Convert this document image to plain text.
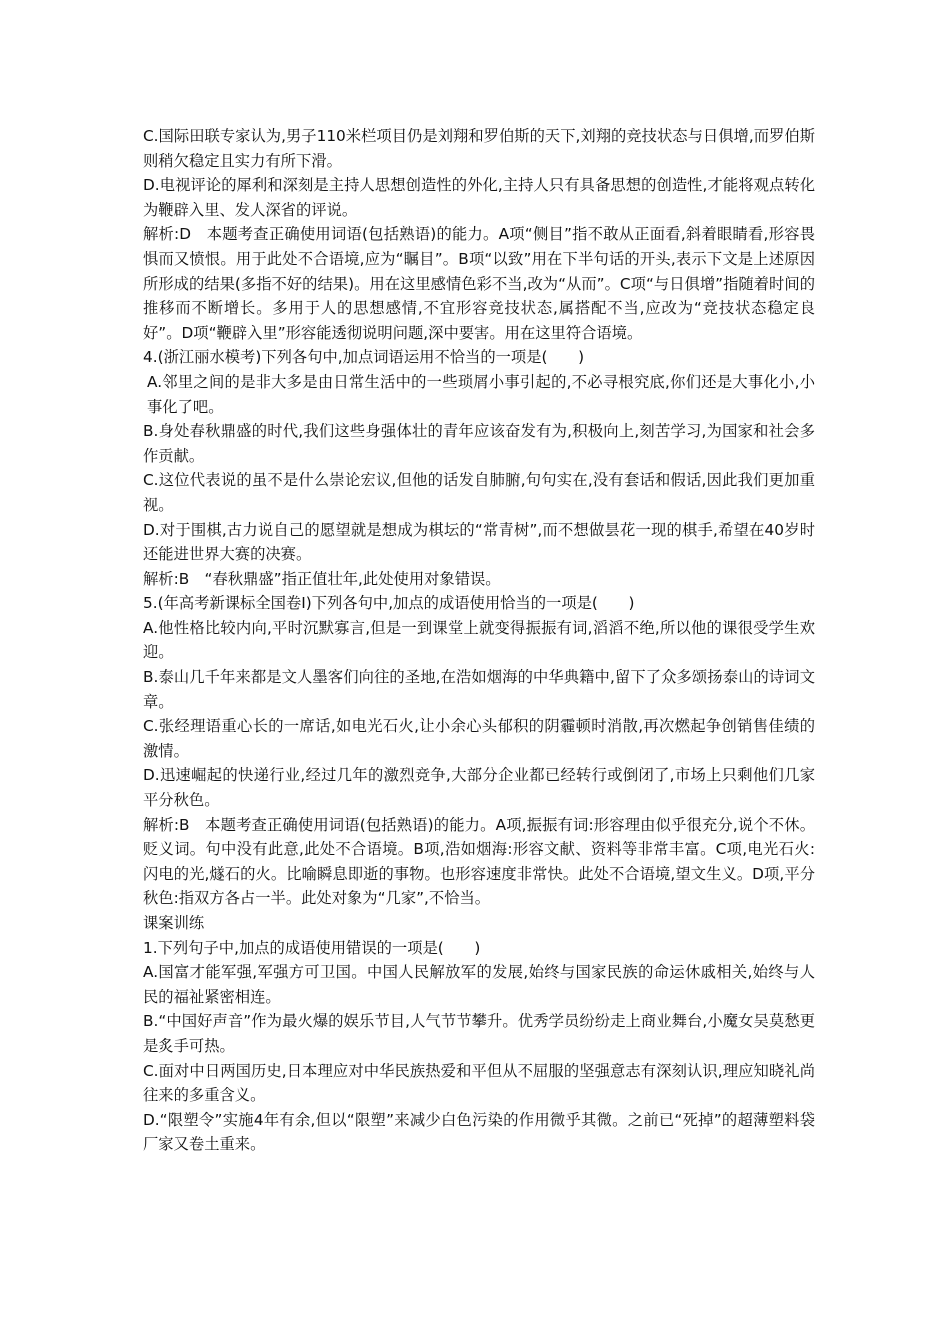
C.国际田联专家认为,男子110米栏项目仍是刘翔和罗伯斯的天下,刘翔的竞技状态与日俱增,而罗伯斯则稍欠稳定且实力有所下滑。

D.电视评论的犀利和深刻是主持人思想创造性的外化,主持人只有具备思想的创造性,才能将观点转化为鞭辟入里、发人深省的评说。

解析:D　本题考查正确使用词语(包括熟语)的能力。A项“侧目”指不敢从正面看,斜着眼睛看,形容畏惧而又愤恨。用于此处不合语境,应为“瞩目”。B项“以致”用在下半句话的开头,表示下文是上述原因所形成的结果(多指不好的结果)。用在这里感情色彩不当,改为“从而”。C项“与日俱增”指随着时间的推移而不断增长。多用于人的思想感情,不宜形容竞技状态,属搭配不当,应改为“竞技状态稳定良好”。D项“鞭辟入里”形容能透彻说明问题,深中要害。用在这里符合语境。

4.(浙江丽水模考)下列各句中,加点词语运用不恰当的一项是(　　)

A.邻里之间的是非大多是由日常生活中的一些琐屑小事引起的,不必寻根究底,你们还是大事化小,小事化了吧。

B.身处春秋鼎盛的时代,我们这些身强体壮的青年应该奋发有为,积极向上,刻苦学习,为国家和社会多作贡献。

C.这位代表说的虽不是什么崇论宏议,但他的话发自肺腑,句句实在,没有套话和假话,因此我们更加重视。

D.对于围棋,古力说自己的愿望就是想成为棋坛的“常青树”,而不想做昙花一现的棋手,希望在40岁时还能进世界大赛的决赛。

解析:B　“春秋鼎盛”指正值壮年,此处使用对象错误。

5.(年高考新课标全国卷Ⅰ)下列各句中,加点的成语使用恰当的一项是(　　)

A.他性格比较内向,平时沉默寡言,但是一到课堂上就变得振振有词,滔滔不绝,所以他的课很受学生欢迎。

B.泰山几千年来都是文人墨客们向往的圣地,在浩如烟海的中华典籍中,留下了众多颂扬泰山的诗词文章。

C.张经理语重心长的一席话,如电光石火,让小余心头郁积的阴霾顿时消散,再次燃起争创销售佳绩的激情。

D.迅速崛起的快递行业,经过几年的激烈竞争,大部分企业都已经转行或倒闭了,市场上只剩他们几家平分秋色。

解析:B　本题考查正确使用词语(包括熟语)的能力。A项,振振有词:形容理由似乎很充分,说个不休。贬义词。句中没有此意,此处不合语境。B项,浩如烟海:形容文献、资料等非常丰富。C项,电光石火:闪电的光,燧石的火。比喻瞬息即逝的事物。也形容速度非常快。此处不合语境,望文生义。D项,平分秋色:指双方各占一半。此处对象为“几家”,不恰当。

课案训练

1.下列句子中,加点的成语使用错误的一项是(　　)

A.国富才能军强,军强方可卫国。中国人民解放军的发展,始终与国家民族的命运休戚相关,始终与人民的福祉紧密相连。

B.“中国好声音”作为最火爆的娱乐节目,人气节节攀升。优秀学员纷纷走上商业舞台,小魔女吴莫愁更是炙手可热。

C.面对中日两国历史,日本理应对中华民族热爱和平但从不屈服的坚强意志有深刻认识,理应知晓礼尚往来的多重含义。

D.“限塑令”实施4年有余,但以“限塑”来减少白色污染的作用微乎其微。之前已“死掉”的超薄塑料袋厂家又卷土重来。
